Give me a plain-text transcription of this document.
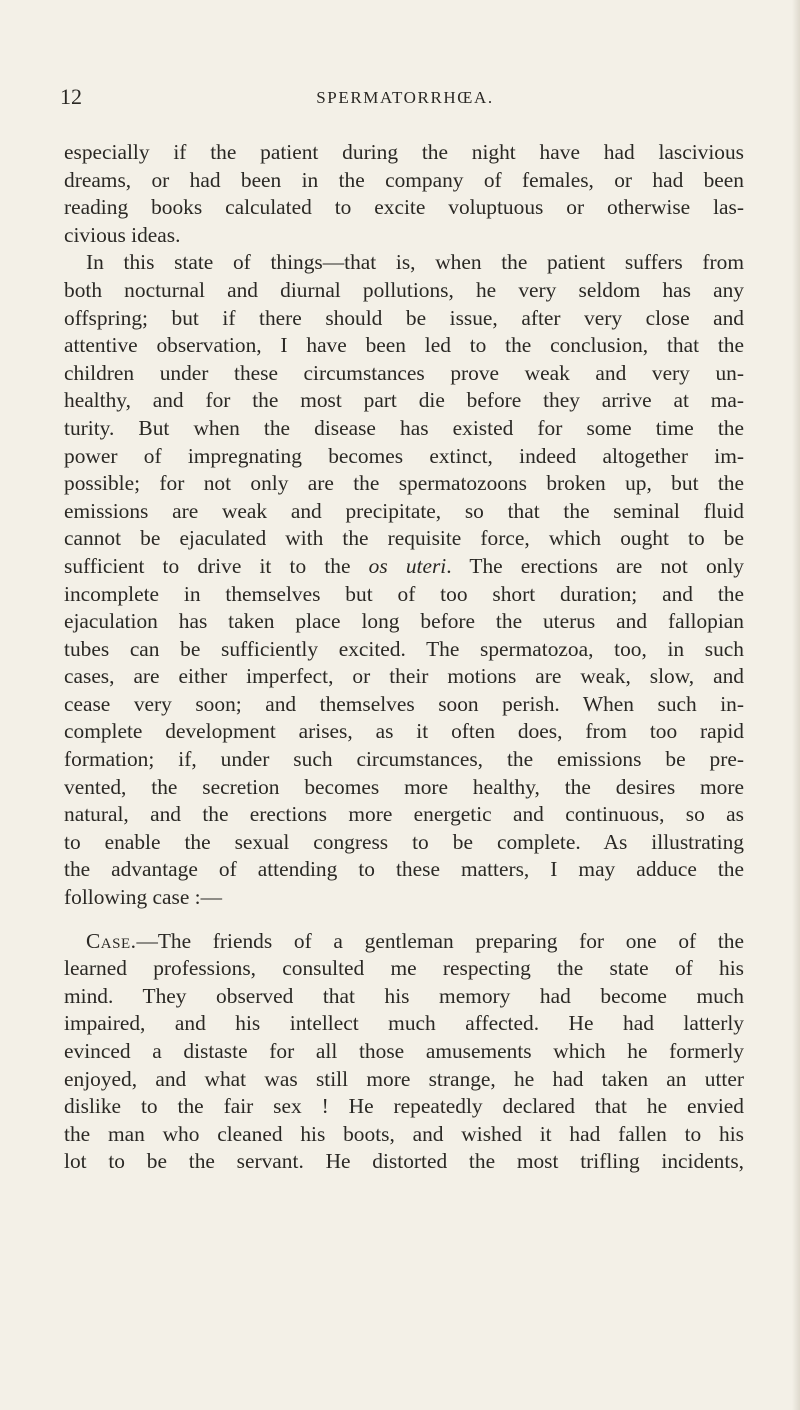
12	SPERMATORRHŒA.

especially if the patient during the night have had lascivious
dreams, or had been in the company of females, or had been
reading books calculated to excite voluptuous or otherwise las-
civious ideas.

In this state of things—that is, when the patient suffers from
both nocturnal and diurnal pollutions, he very seldom has any
offspring; but if there should be issue, after very close and
attentive observation, I have been led to the conclusion, that the
children under these circumstances prove weak and very un-
healthy, and for the most part die before they arrive at ma-
turity. But when the disease has existed for some time the
power of impregnating becomes extinct, indeed altogether im-
possible; for not only are the spermatozoons broken up, but the
emissions are weak and precipitate, so that the seminal fluid
cannot be ejaculated with the requisite force, which ought to be
sufficient to drive it to the os uteri. The erections are not only
incomplete in themselves but of too short duration; and the
ejaculation has taken place long before the uterus and fallopian
tubes can be sufficiently excited. The spermatozoa, too, in such
cases, are either imperfect, or their motions are weak, slow, and
cease very soon; and themselves soon perish. When such in-
complete development arises, as it often does, from too rapid
formation; if, under such circumstances, the emissions be pre-
vented, the secretion becomes more healthy, the desires more
natural, and the erections more energetic and continuous, so as
to enable the sexual congress to be complete. As illustrating
the advantage of attending to these matters, I may adduce the
following case :—

Case.—The friends of a gentleman preparing for one of the
learned professions, consulted me respecting the state of his
mind. They observed that his memory had become much
impaired, and his intellect much affected. He had latterly
evinced a distaste for all those amusements which he formerly
enjoyed, and what was still more strange, he had taken an utter
dislike to the fair sex ! He repeatedly declared that he envied
the man who cleaned his boots, and wished it had fallen to his
lot to be the servant. He distorted the most trifling incidents,
